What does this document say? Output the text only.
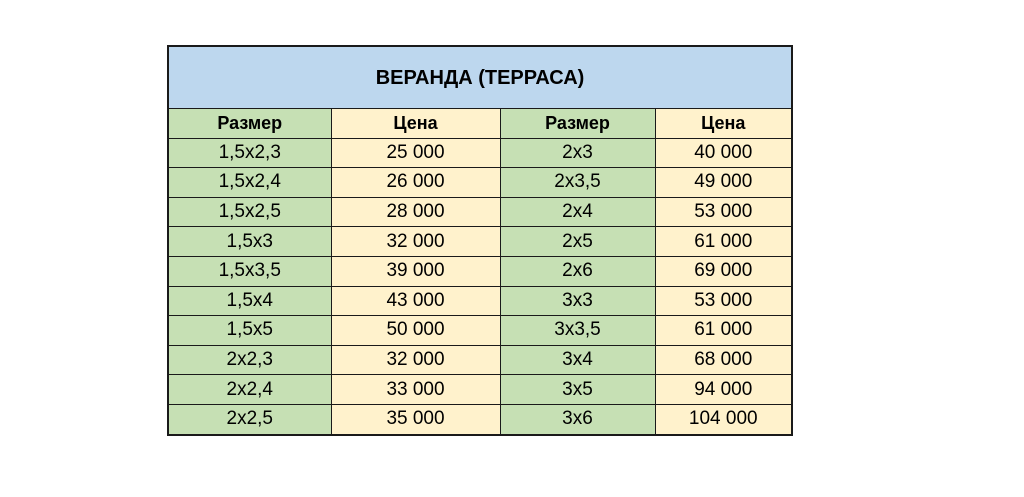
ВЕРАНДА (ТЕРРАСА)			
Размер	Цена	Размер	Цена
1,5x2,3	25 000	2x3	40 000
1,5x2,4	26 000	2x3,5	49 000
1,5x2,5	28 000	2x4	53 000
1,5x3	32 000	2x5	61 000
1,5x3,5	39 000	2x6	69 000
1,5x4	43 000	3x3	53 000
1,5x5	50 000	3x3,5	61 000
2x2,3	32 000	3x4	68 000
2x2,4	33 000	3x5	94 000
2x2,5	35 000	3x6	104 000
